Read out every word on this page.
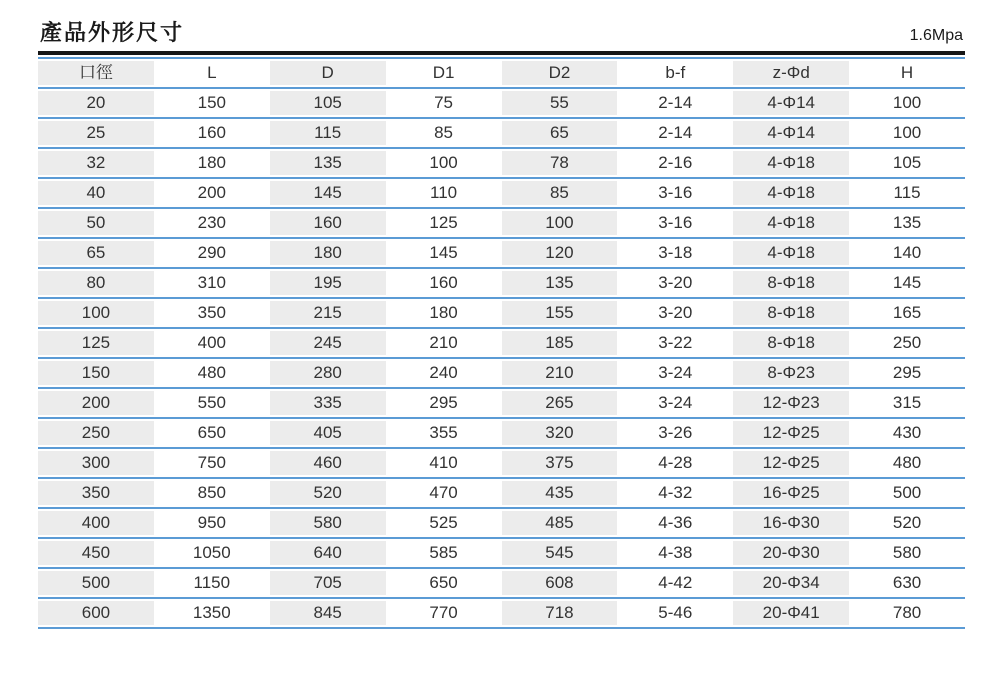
產品外形尺寸	1.6Mpa
口徑	L	D	D1	D2	b-f	z-Φd	H
20	150	105	75	55	2-14	4-Φ14	100
25	160	115	85	65	2-14	4-Φ14	100
32	180	135	100	78	2-16	4-Φ18	105
40	200	145	110	85	3-16	4-Φ18	115
50	230	160	125	100	3-16	4-Φ18	135
65	290	180	145	120	3-18	4-Φ18	140
80	310	195	160	135	3-20	8-Φ18	145
100	350	215	180	155	3-20	8-Φ18	165
125	400	245	210	185	3-22	8-Φ18	250
150	480	280	240	210	3-24	8-Φ23	295
200	550	335	295	265	3-24	12-Φ23	315
250	650	405	355	320	3-26	12-Φ25	430
300	750	460	410	375	4-28	12-Φ25	480
350	850	520	470	435	4-32	16-Φ25	500
400	950	580	525	485	4-36	16-Φ30	520
450	1050	640	585	545	4-38	20-Φ30	580
500	1150	705	650	608	4-42	20-Φ34	630
600	1350	845	770	718	5-46	20-Φ41	780
